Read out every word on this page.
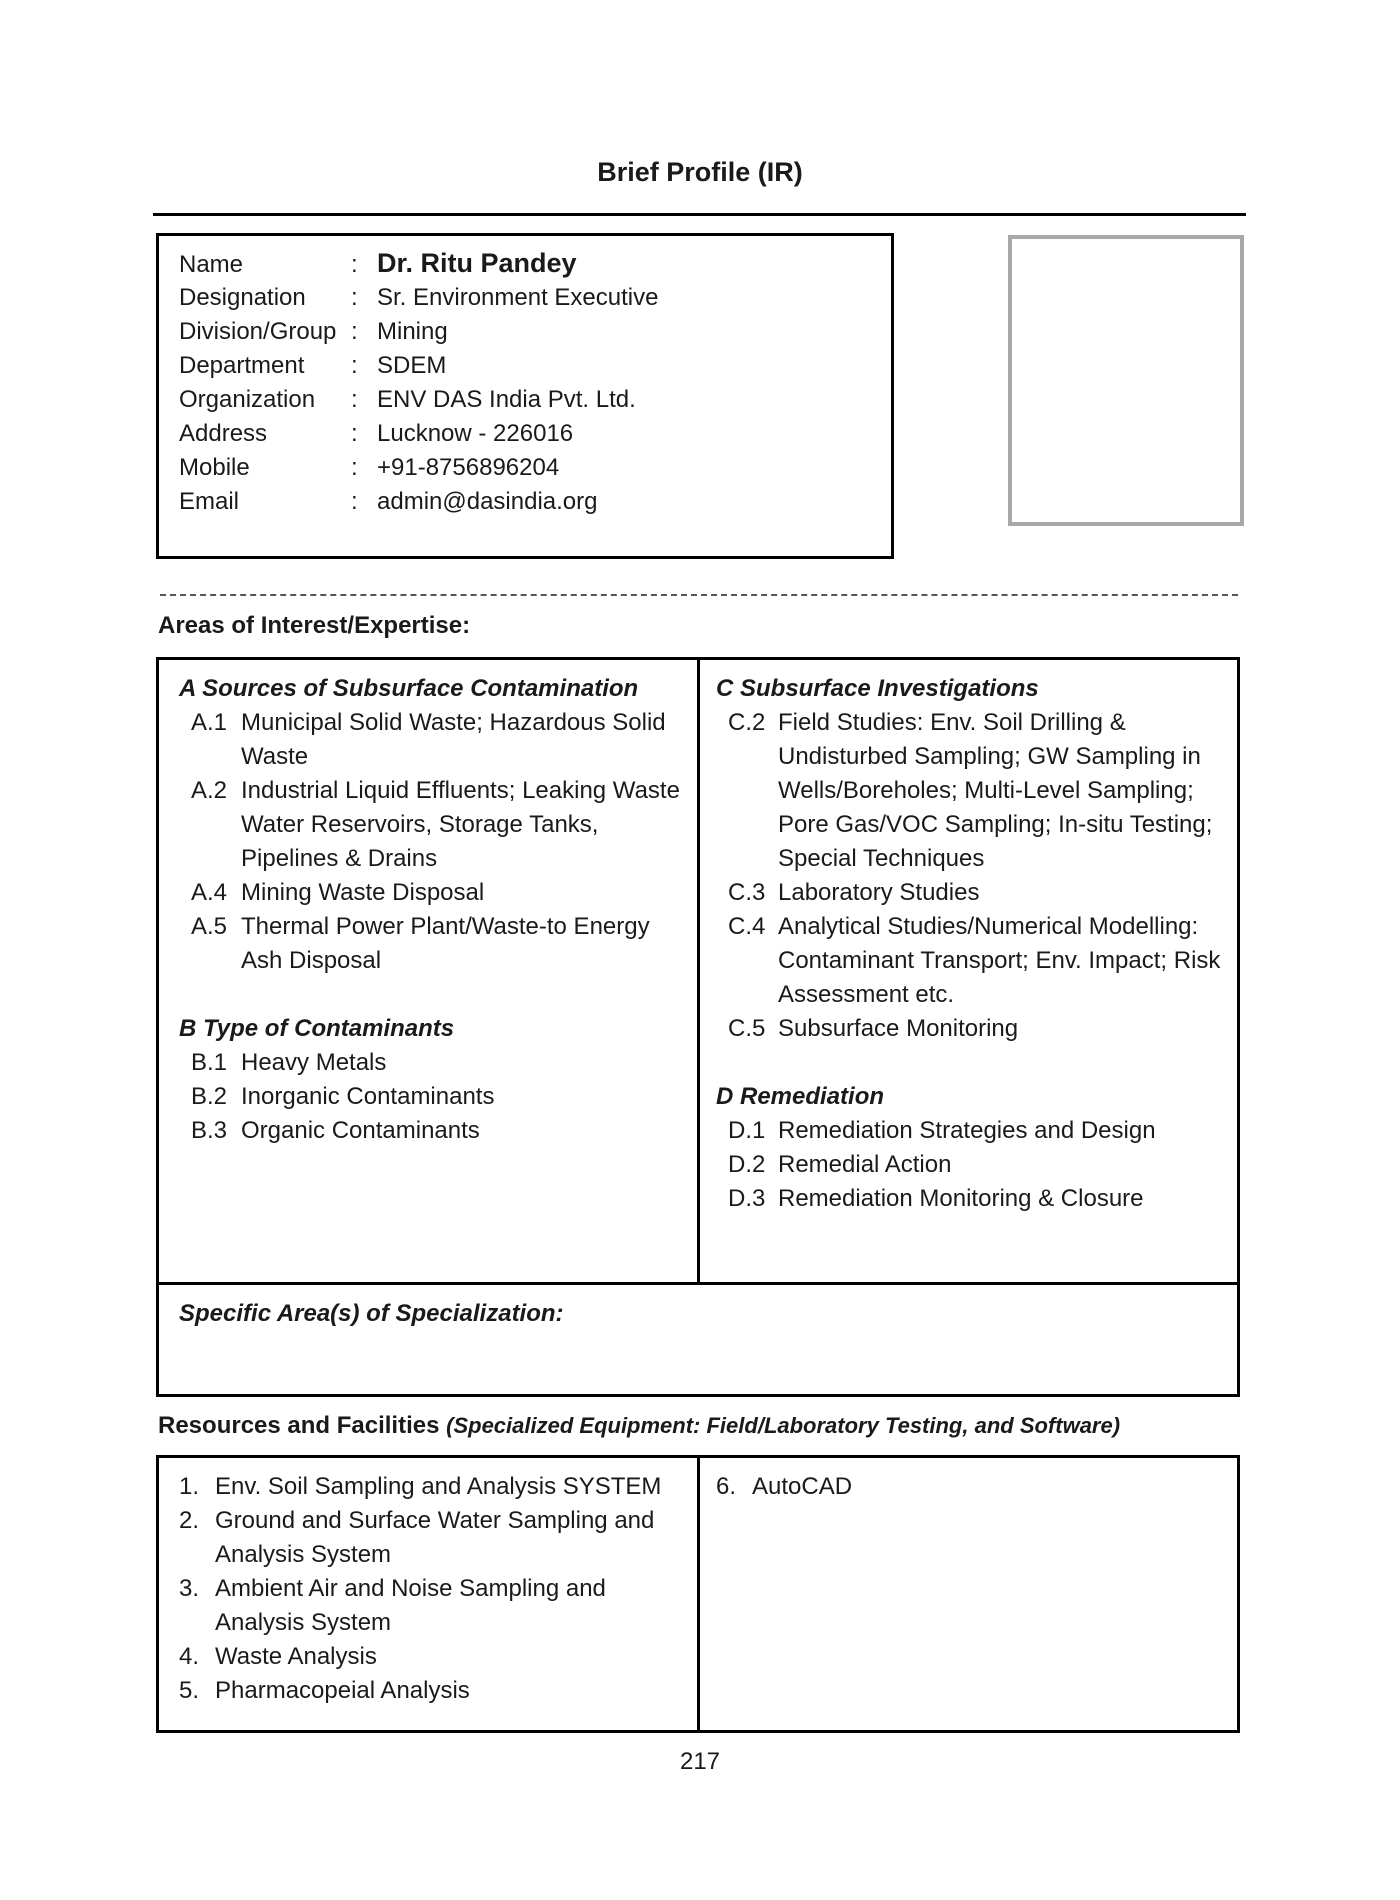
Brief Profile (IR)
Name	: Dr. Ritu Pandey
Designation	: Sr. Environment Executive
Division/Group : Mining
Department	: SDEM
Organization	: ENV DAS India Pvt. Ltd.
Address	: Lucknow - 226016
Mobile	: +91-8756896204
Email	: admin@dasindia.org
Areas of Interest/Expertise:
A Sources of Subsurface Contamination
A.1 Municipal Solid Waste; Hazardous Solid Waste
A.2 Industrial Liquid Effluents; Leaking Waste Water Reservoirs, Storage Tanks, Pipelines & Drains
A.4 Mining Waste Disposal
A.5 Thermal Power Plant/Waste-to Energy Ash Disposal
B Type of Contaminants
B.1 Heavy Metals
B.2 Inorganic Contaminants
B.3 Organic Contaminants
C Subsurface Investigations
C.2 Field Studies: Env. Soil Drilling & Undisturbed Sampling; GW Sampling in Wells/Boreholes; Multi-Level Sampling; Pore Gas/VOC Sampling; In-situ Testing; Special Techniques
C.3 Laboratory Studies
C.4 Analytical Studies/Numerical Modelling: Contaminant Transport; Env. Impact; Risk Assessment etc.
C.5 Subsurface Monitoring
D Remediation
D.1 Remediation Strategies and Design
D.2 Remedial Action
D.3 Remediation Monitoring & Closure
Specific Area(s) of Specialization:
Resources and Facilities (Specialized Equipment: Field/Laboratory Testing, and Software)
1. Env. Soil Sampling and Analysis SYSTEM
2. Ground and Surface Water Sampling and Analysis System
3. Ambient Air and Noise Sampling and Analysis System
4. Waste Analysis
5. Pharmacopeial Analysis
6. AutoCAD
217
